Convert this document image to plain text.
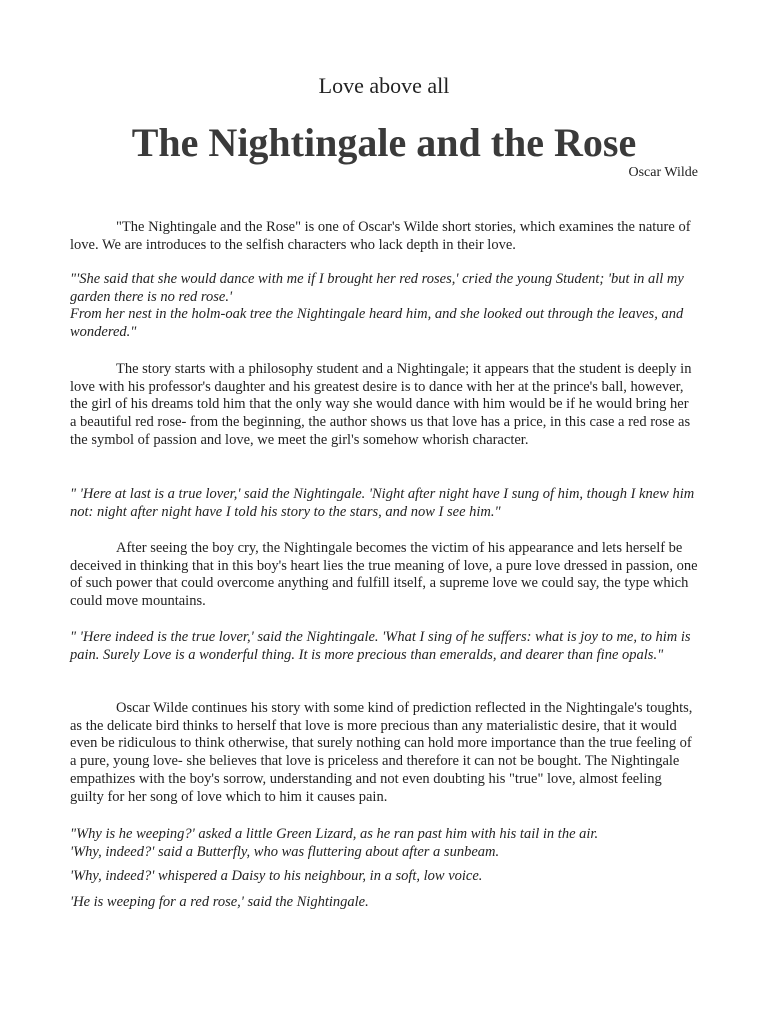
Love above all
The Nightingale and the Rose
Oscar Wilde

"The Nightingale and the Rose" is one of Oscar's Wilde short stories, which examines the nature of love. We are introduces to the selfish characters who lack depth in their love.

"'She said that she would dance with me if I brought her red roses,' cried the young Student; 'but in all my garden there is no red rose.'
From her nest in the holm-oak tree the Nightingale heard him, and she looked out through the leaves, and wondered."

The story starts with a philosophy student and a Nightingale; it appears that the student is deeply in love with his professor's daughter and his greatest desire is to dance with her at the prince's ball, however, the girl of his dreams told him that the only way she would dance with him would be if he would bring her a beautiful red rose- from the beginning, the author shows us that love has a price, in this case a red rose as the symbol of passion and love, we meet the girl's somehow whorish character.

" 'Here at last is a true lover,' said the Nightingale. 'Night after night have I sung of him, though I knew him not: night after night have I told his story to the stars, and now I see him."

After seeing the boy cry, the Nightingale becomes the victim of his appearance and lets herself be deceived in thinking that in this boy's heart lies the true meaning of love, a pure love dressed in passion, one of such power that could overcome anything and fulfill itself, a supreme love we could say, the type which could move mountains.

" 'Here indeed is the true lover,' said the Nightingale. 'What I sing of he suffers: what is joy to me, to him is pain. Surely Love is a wonderful thing. It is more precious than emeralds, and dearer than fine opals."

Oscar Wilde continues his story with some kind of prediction reflected in the Nightingale's toughts, as the delicate bird thinks to herself that love is more precious than any materialistic desire, that it would even be ridiculous to think otherwise, that surely nothing can hold more importance than the true feeling of a pure, young love- she believes that love is priceless and therefore it can not be bought. The Nightingale empathizes with the boy's sorrow, understanding and not even doubting his "true" love, almost feeling guilty for her song of love which to him it causes pain.

"Why is he weeping?' asked a little Green Lizard, as he ran past him with his tail in the air.
'Why, indeed?' said a Butterfly, who was fluttering about after a sunbeam.

'Why, indeed?' whispered a Daisy to his neighbour, in a soft, low voice.

'He is weeping for a red rose,' said the Nightingale.
